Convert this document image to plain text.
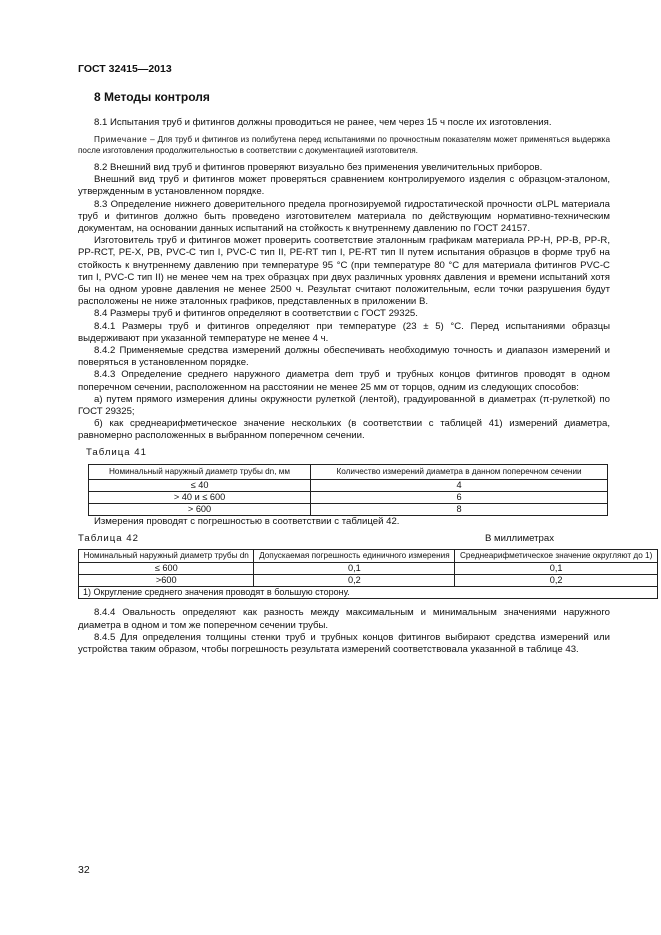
ГОСТ 32415—2013
8 Методы контроля

8.1 Испытания труб и фитингов должны проводиться не ранее, чем через 15 ч после их изготовления.

Примечание – Для труб и фитингов из полибутена перед испытаниями по прочностным показателям может применяться выдержка после изготовления продолжительностью в соответствии с документацией изготовителя.

8.2 Внешний вид труб и фитингов проверяют визуально без применения увеличительных приборов.

Внешний вид труб и фитингов может проверяться сравнением контролируемого изделия с образцом-эталоном, утвержденным в установленном порядке.

8.3 Определение нижнего доверительного предела прогнозируемой гидростатической прочности σLPL материала труб и фитингов должно быть проведено изготовителем материала по действующим нормативно-техническим документам, на основании данных испытаний на стойкость к внутреннему давлению по ГОСТ 24157.

Изготовитель труб и фитингов может проверить соответствие эталонным графикам материала PP-H, PP-B, PP-R, PP-RCT, PE-X, PB, PVC-C тип I, PVC-C тип II, PE-RT тип I, PE-RT тип II путем испытания образцов в форме труб на стойкость к внутреннему давлению при температуре 95 °С (при температуре 80 °С для материала фитингов PVC-C тип I, PVC-C тип II) не менее чем на трех образцах при двух различных уровнях давления и времени испытаний хотя бы на одном уровне давления не менее 2500 ч. Результат считают положительным, если точки разрушения будут расположены не ниже эталонных графиков, представленных в приложении В.

8.4 Размеры труб и фитингов определяют в соответствии с ГОСТ 29325.

8.4.1 Размеры труб и фитингов определяют при температуре (23 ± 5) °С. Перед испытаниями образцы выдерживают при указанной температуре не менее 4 ч.

8.4.2 Применяемые средства измерений должны обеспечивать необходимую точность и диапазон измерений и поверяться в установленном порядке.

8.4.3 Определение среднего наружного диаметра dem труб и трубных концов фитингов проводят в одном поперечном сечении, расположенном на расстоянии не менее 25 мм от торцов, одним из следующих способов:

а) путем прямого измерения длины окружности рулеткой (лентой), градуированной в диаметрах (π-рулеткой) по ГОСТ 29325;

б) как среднеарифметическое значение нескольких (в соответствии с таблицей 41) измерений диаметра, равномерно расположенных в выбранном поперечном сечении.

Таблица 41
Номинальный наружный диаметр трубы dn, мм	Количество измерений диаметра в данном поперечном сечении
≤ 40	4
> 40 и ≤ 600	6
> 600	8

Измерения проводят с погрешностью в соответствии с таблицей 42.

Таблица 42	В миллиметрах
Номинальный наружный диаметр трубы dn	Допускаемая погрешность единичного измерения	Среднеарифметическое значение округляют до 1)
≤ 600	0,1	0,1
>600	0,2	0,2
1) Округление среднего значения проводят в большую сторону.		

8.4.4 Овальность определяют как разность между максимальным и минимальным значениями наружного диаметра в одном и том же поперечном сечении трубы.

8.4.5 Для определения толщины стенки труб и трубных концов фитингов выбирают средства измерений или устройства таким образом, чтобы погрешность результата измерений соответствовала указанной в таблице 43.

32
